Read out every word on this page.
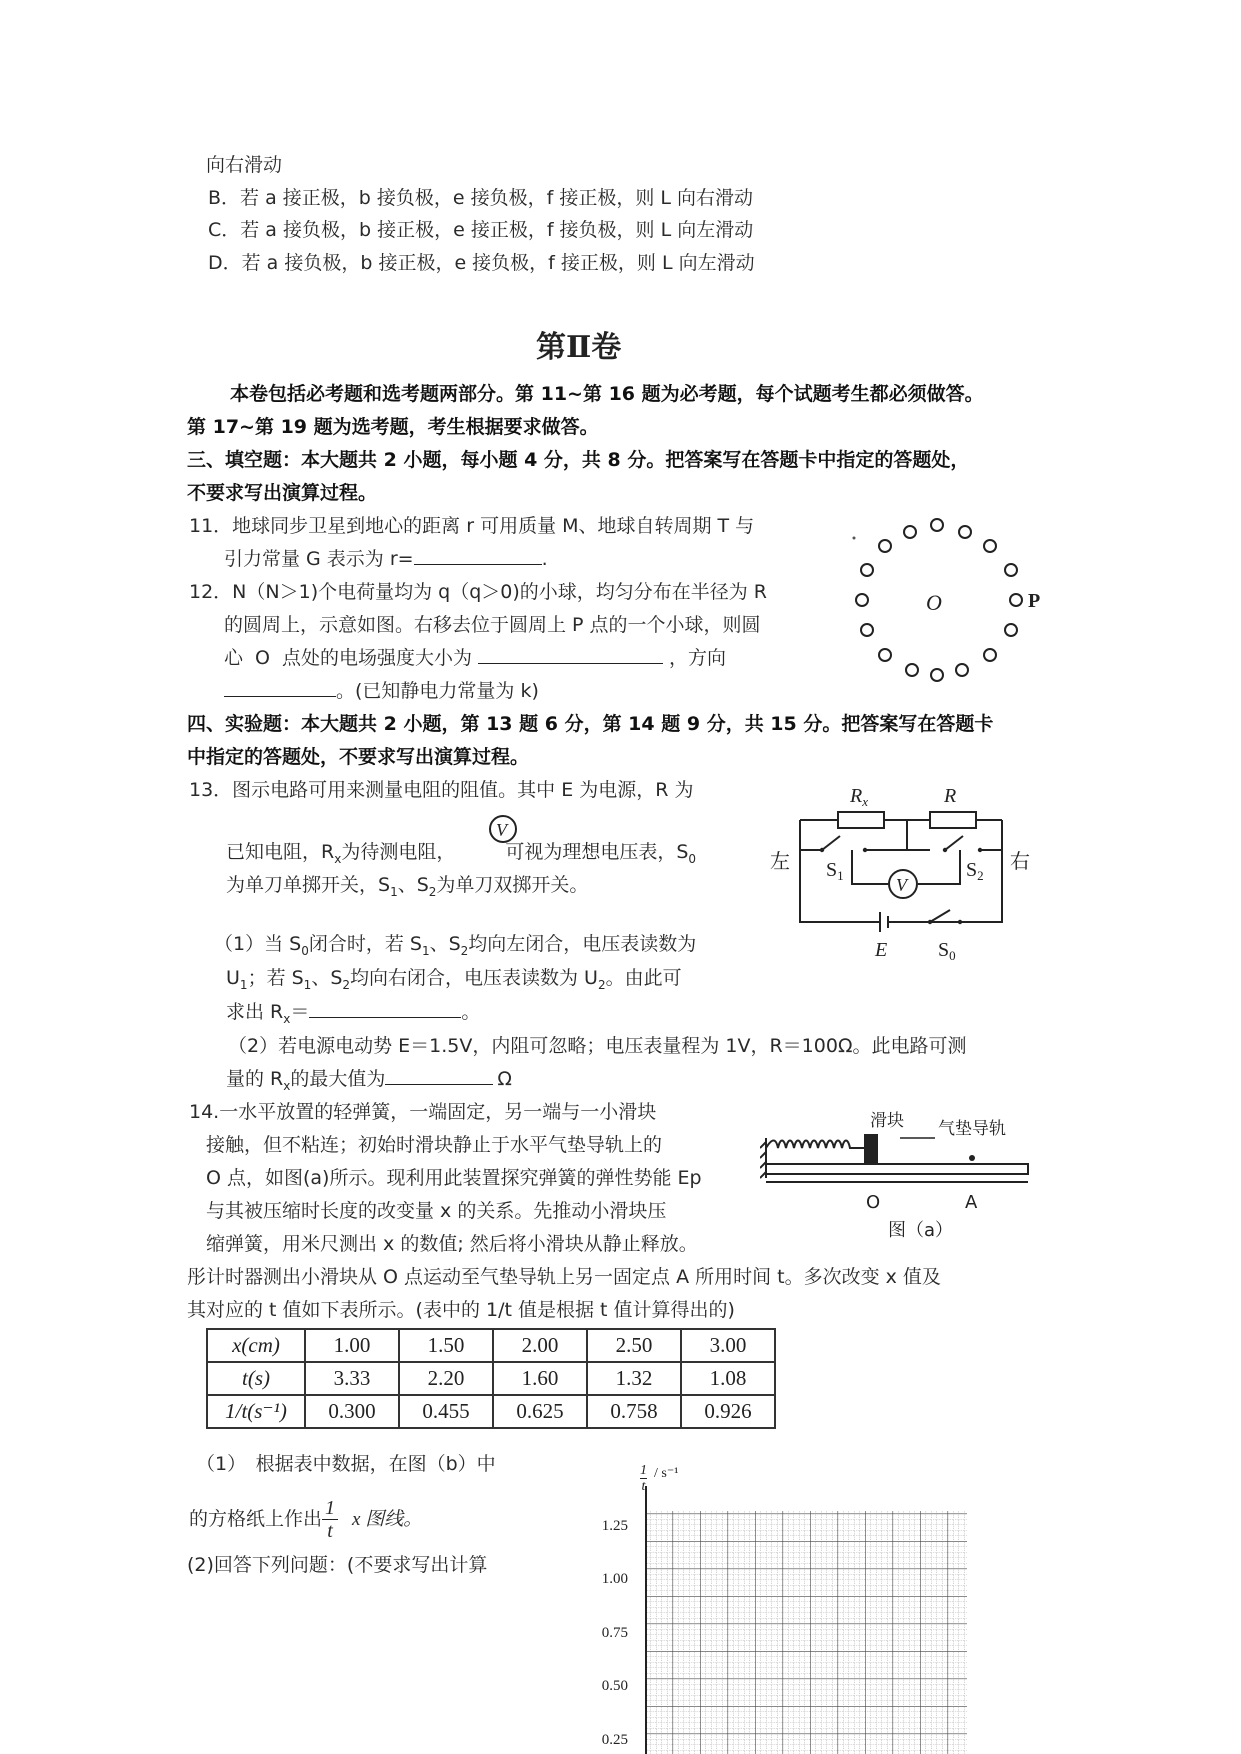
向右滑动
B．若 a 接正极，b 接负极，e 接负极，f 接正极，则 L 向右滑动
C．若 a 接负极，b 接正极，e 接正极，f 接负极，则 L 向左滑动
D．若 a 接负极，b 接正极，e 接负极，f 接正极，则 L 向左滑动
第Ⅱ卷
本卷包括必考题和选考题两部分。第 11~第 16 题为必考题，每个试题考生都必须做答。
第 17~第 19 题为选考题，考生根据要求做答。
三、填空题：本大题共 2 小题，每小题 4 分，共 8 分。把答案写在答题卡中指定的答题处，
不要求写出演算过程。
11．地球同步卫星到地心的距离 r 可用质量 M、地球自转周期 T 与
引力常量 G 表示为 r=	.
12．N（N＞1)个电荷量均为 q（q＞0)的小球，均匀分布在半径为 R
的圆周上，示意如图。右移去位于圆周上 P 点的一个小球，则圆
心 O 点处的电场强度大小为	，方向
。(已知静电力常量为 k)
O	P
四、实验题：本大题共 2 小题，第 13 题 6 分，第 14 题 9 分，共 15 分。把答案写在答题卡
中指定的答题处，不要求写出演算过程。
13．图示电路可用来测量电阻的阻值。其中 E 为电源，R 为
已知电阻，$R_x$为待测电阻，	可视为理想电压表，$S_0$
V
为单刀单掷开关，$S_1$、$S_2$为单刀双掷开关。
（1）当 $S_0$闭合时，若 $S_1$、$S_2$均向左闭合，电压表读数为
$U_1$；若 $S_1$、$S_2$均向右闭合，电压表读数为 $U_2$。由此可
求出 $R_x=$	。
（2）若电源电动势 E＝1.5V，内阻可忽略；电压表量程为 1V，R＝100Ω。此电路可测
量的 $R_x$的最大值为	Ω
$R_x$	R
左	右
$S_1$	$S_2$
V
E	$S_0$
14.一水平放置的轻弹簧，一端固定，另一端与一小滑块
接触，但不粘连；初始时滑块静止于水平气垫导轨上的
O 点，如图(a)所示。现利用此装置探究弹簧的弹性势能 Ep
与其被压缩时长度的改变量 x 的关系。先推动小滑块压
缩弹簧，用米尺测出 x 的数值; 然后将小滑块从静止释放。
彤计时器测出小滑块从 O 点运动至气垫导轨上另一固定点 A 所用时间 t。多次改变 x 值及
其对应的 t 值如下表所示。(表中的 1/t 值是根据 t 值计算得出的)
滑块 气垫导轨
O	A
图（a）
x(cm)	1.00	1.50	2.00	2.50	3.00
t(s)	3.33	2.20	1.60	1.32	1.08
1/t(s⁻¹)	0.300	0.455	0.625	0.758	0.926
（1）　根据表中数据，在图（b）中
的方格纸上作出 $\frac{1}{t}$ x 图线。
(2)回答下列问题：(不要求写出计算
$\frac{1}{t} / s^{-1}$
1.25
1.00
0.75
0.50
0.25
